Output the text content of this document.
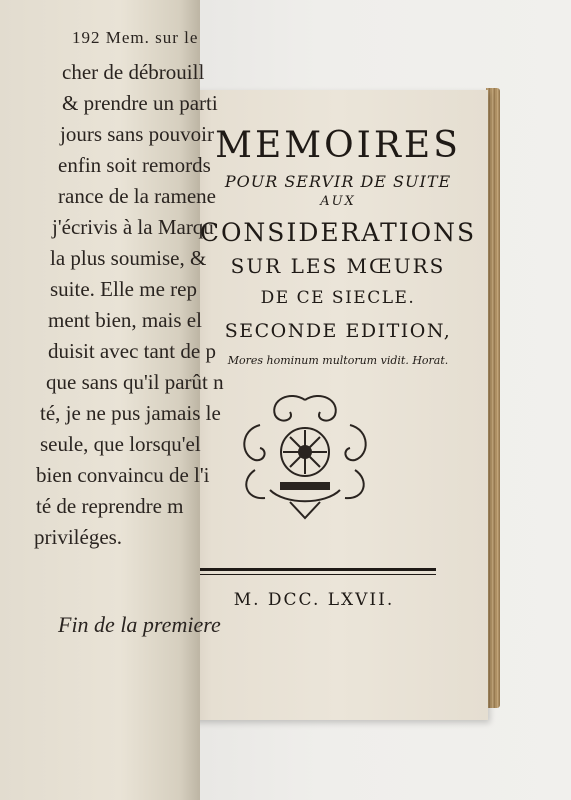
MEMOIRES
POUR SERVIR DE SUITE
AUX
CONSIDERATIONS
SUR LES MŒURS
DE CE SIECLE.
SECONDE EDITION,
Mores hominum multorum vidit. Horat.
M. DCC. LXVII.
192 Mem. sur le
cher de débrouill
& prendre un parti
jours sans pouvoir
enfin soit remords
rance de la ramene
j'écrivis à la Marqu
la plus soumise, &
suite. Elle me rep
ment bien, mais el
duisit avec tant de p
que sans qu'il parût n
té, je ne pus jamais le
seule, que lorsqu'el
bien convaincu de l'i
té de reprendre m
priviléges.
Fin de la premiere
